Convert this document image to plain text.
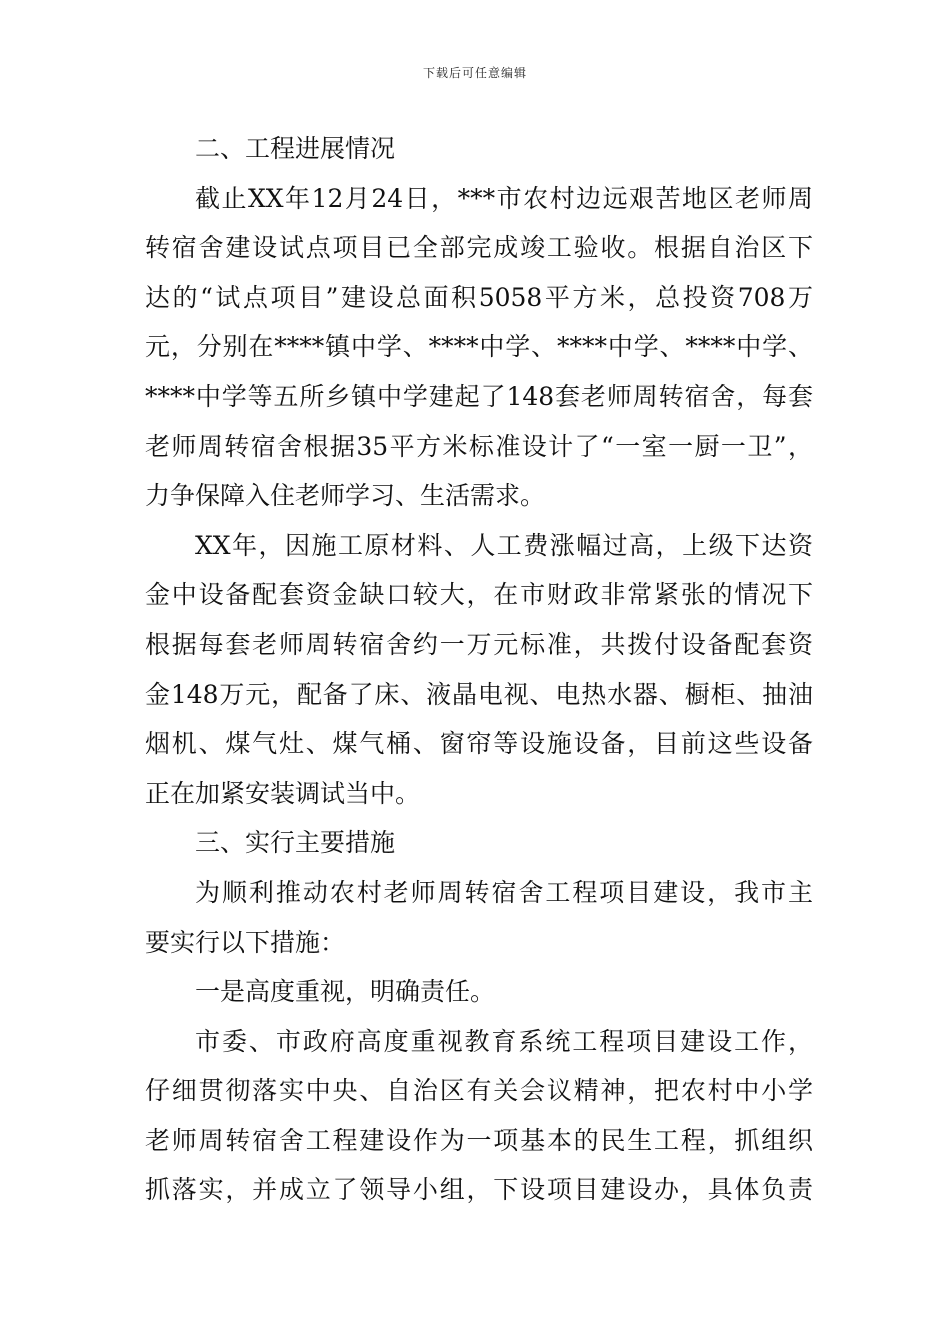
下载后可任意编辑
二、工程进展情况
截止XX年12月24日，***市农村边远艰苦地区老师周
转宿舍建设试点项目已全部完成竣工验收。根据自治区下
达的“试点项目”建设总面积5058平方米，总投资708万
元，分别在****镇中学、****中学、****中学、****中学、
****中学等五所乡镇中学建起了148套老师周转宿舍，每套
老师周转宿舍根据35平方米标准设计了“一室一厨一卫”，
力争保障入住老师学习、生活需求。
XX年，因施工原材料、人工费涨幅过高，上级下达资
金中设备配套资金缺口较大，在市财政非常紧张的情况下
根据每套老师周转宿舍约一万元标准，共拨付设备配套资
金148万元，配备了床、液晶电视、电热水器、橱柜、抽油
烟机、煤气灶、煤气桶、窗帘等设施设备，目前这些设备
正在加紧安装调试当中。
三、实行主要措施
为顺利推动农村老师周转宿舍工程项目建设，我市主
要实行以下措施：
一是高度重视，明确责任。
市委、市政府高度重视教育系统工程项目建设工作，
仔细贯彻落实中央、自治区有关会议精神，把农村中小学
老师周转宿舍工程建设作为一项基本的民生工程，抓组织
抓落实，并成立了领导小组，下设项目建设办，具体负责
